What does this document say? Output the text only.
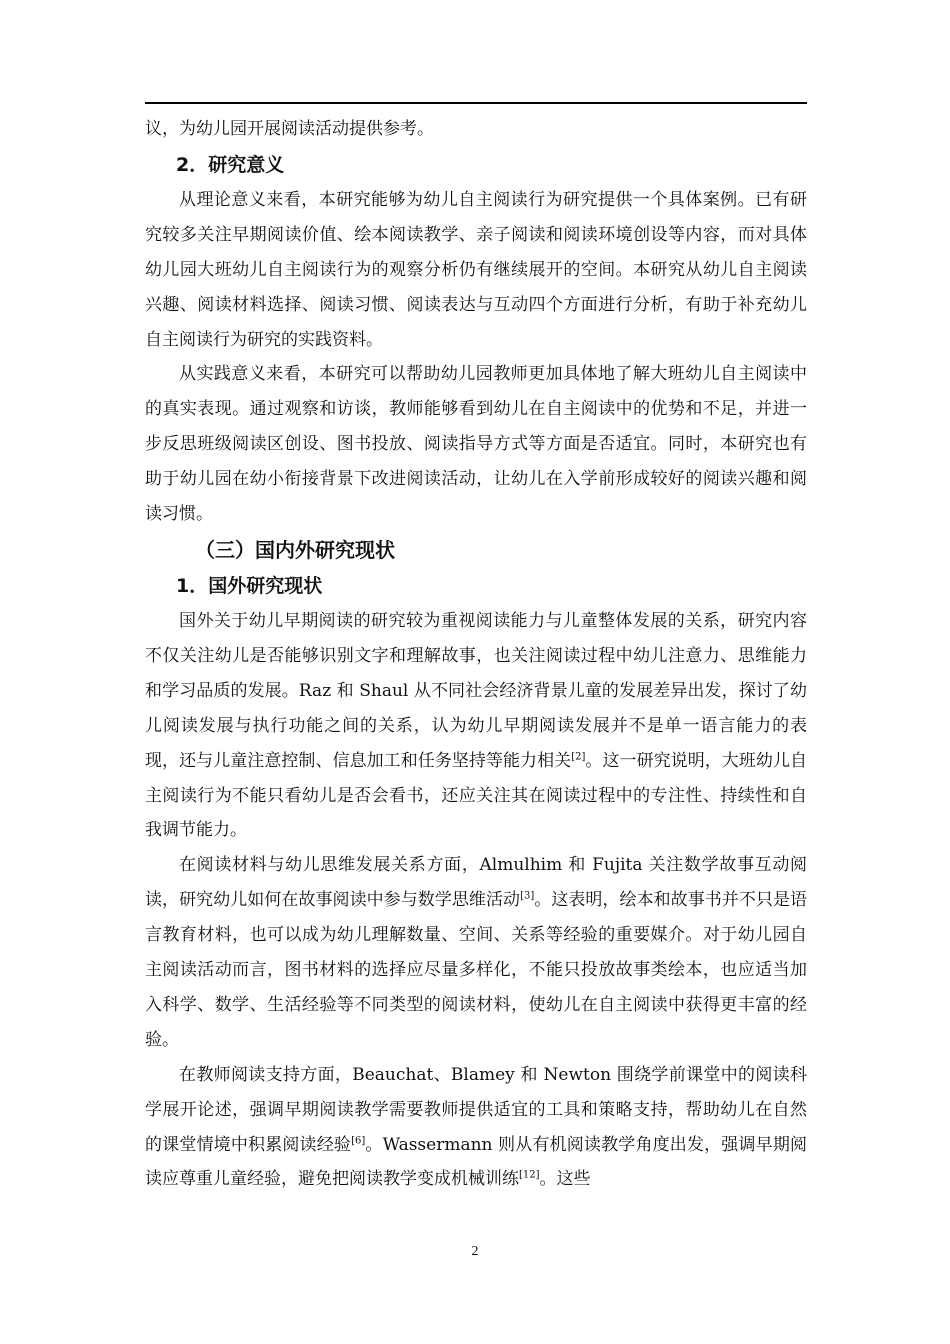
议，为幼儿园开展阅读活动提供参考。

2．研究意义

从理论意义来看，本研究能够为幼儿自主阅读行为研究提供一个具体案例。已有研究较多关注早期阅读价值、绘本阅读教学、亲子阅读和阅读环境创设等内容，而对具体幼儿园大班幼儿自主阅读行为的观察分析仍有继续展开的空间。本研究从幼儿自主阅读兴趣、阅读材料选择、阅读习惯、阅读表达与互动四个方面进行分析，有助于补充幼儿自主阅读行为研究的实践资料。

从实践意义来看，本研究可以帮助幼儿园教师更加具体地了解大班幼儿自主阅读中的真实表现。通过观察和访谈，教师能够看到幼儿在自主阅读中的优势和不足，并进一步反思班级阅读区创设、图书投放、阅读指导方式等方面是否适宜。同时，本研究也有助于幼儿园在幼小衔接背景下改进阅读活动，让幼儿在入学前形成较好的阅读兴趣和阅读习惯。

（三）国内外研究现状

1．国外研究现状

国外关于幼儿早期阅读的研究较为重视阅读能力与儿童整体发展的关系，研究内容不仅关注幼儿是否能够识别文字和理解故事，也关注阅读过程中幼儿注意力、思维能力和学习品质的发展。Raz 和 Shaul 从不同社会经济背景儿童的发展差异出发，探讨了幼儿阅读发展与执行功能之间的关系，认为幼儿早期阅读发展并不是单一语言能力的表现，还与儿童注意控制、信息加工和任务坚持等能力相关[2]。这一研究说明，大班幼儿自主阅读行为不能只看幼儿是否会看书，还应关注其在阅读过程中的专注性、持续性和自我调节能力。

在阅读材料与幼儿思维发展关系方面，Almulhim 和 Fujita 关注数学故事互动阅读，研究幼儿如何在故事阅读中参与数学思维活动[3]。这表明，绘本和故事书并不只是语言教育材料，也可以成为幼儿理解数量、空间、关系等经验的重要媒介。对于幼儿园自主阅读活动而言，图书材料的选择应尽量多样化，不能只投放故事类绘本，也应适当加入科学、数学、生活经验等不同类型的阅读材料，使幼儿在自主阅读中获得更丰富的经验。

在教师阅读支持方面，Beauchat、Blamey 和 Newton 围绕学前课堂中的阅读科学展开论述，强调早期阅读教学需要教师提供适宜的工具和策略支持，帮助幼儿在自然的课堂情境中积累阅读经验[6]。Wassermann 则从有机阅读教学角度出发，强调早期阅读应尊重儿童经验，避免把阅读教学变成机械训练[12]。这些

2
